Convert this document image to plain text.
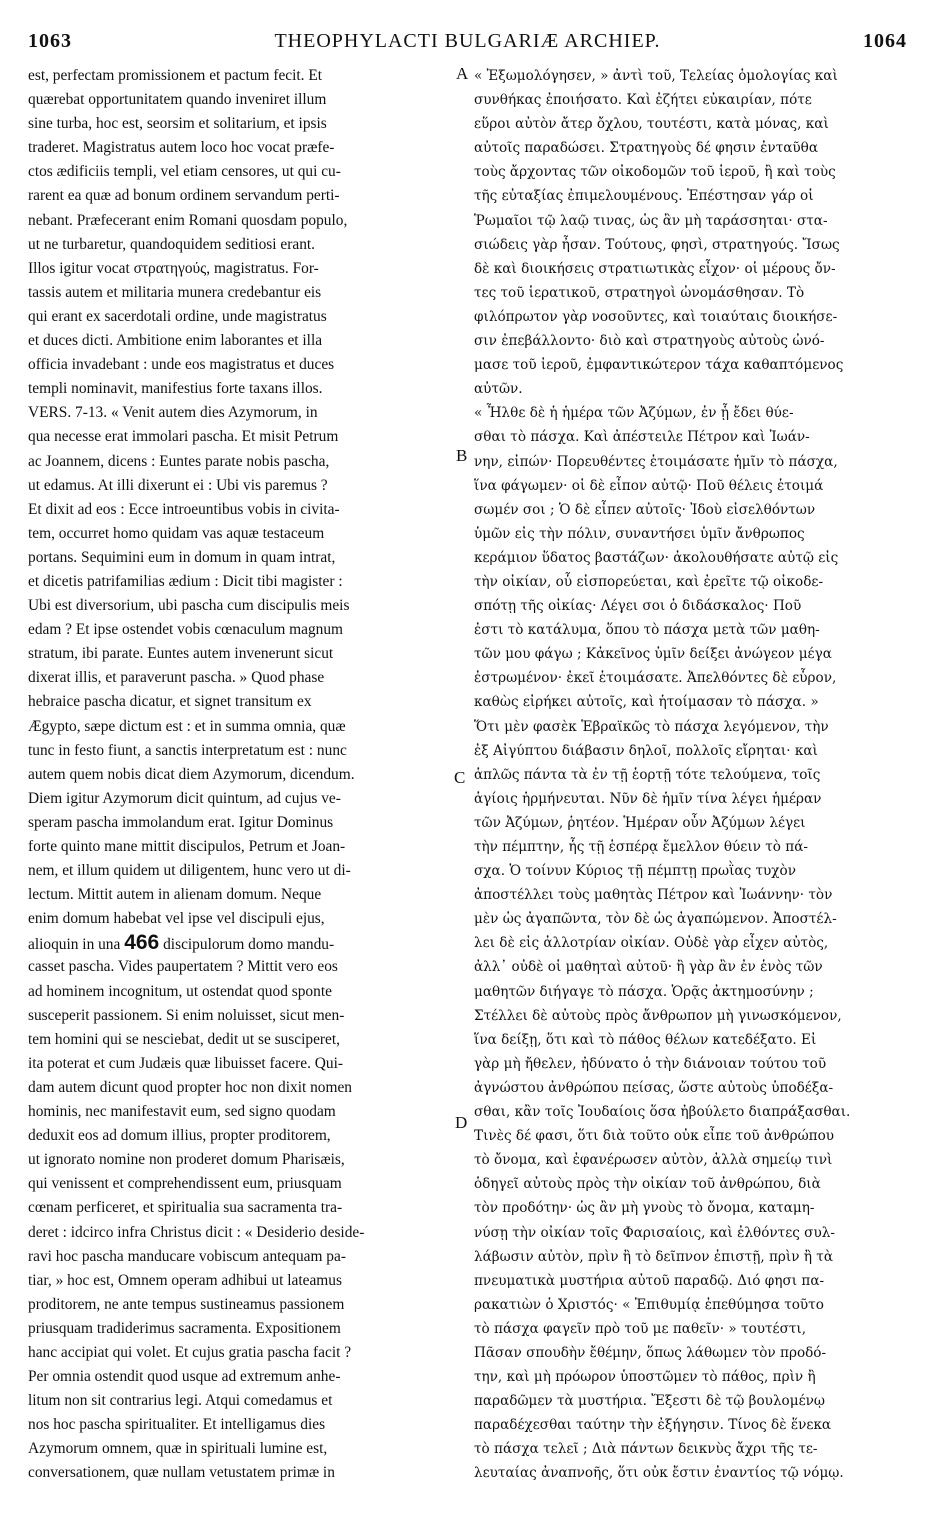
1063	THEOPHYLACTI BULGARIÆ ARCHIEP.	1064
est, perfectam promissionem et pactum fecit. Et
quærebat opportunitatem quando inveniret illum
sine turba, hoc est, seorsim et solitarium, et ipsis
traderet. Magistratus autem loco hoc vocat præfe-
ctos ædificiis templi, vel etiam censores, ut qui cu-
rarent ea quæ ad bonum ordinem servandum perti-
nebant. Præfecerant enim Romani quosdam populo,
ut ne turbaretur, quandoquidem seditiosi erant.
Illos igitur vocat στρατηγούς, magistratus. For-
tassis autem et militaria munera credebantur eis
qui erant ex sacerdotali ordine, unde magistratus
et duces dicti. Ambitione enim laborantes et illa
officia invadebant : unde eos magistratus et duces
templi nominavit, manifestius forte taxans illos.
VERS. 7-13. « Venit autem dies Azymorum, in
qua necesse erat immolari pascha. Et misit Petrum
ac Joannem, dicens : Euntes parate nobis pascha,
ut edamus. At illi dixerunt ei : Ubi vis paremus ?
Et dixit ad eos : Ecce introeuntibus vobis in civita-
tem, occurret homo quidam vas aquæ testaceum
portans. Sequimini eum in domum in quam intrat,
et dicetis patrifamilias ædium : Dicit tibi magister :
Ubi est diversorium, ubi pascha cum discipulis meis
edam ? Et ipse ostendet vobis cœnaculum magnum
stratum, ibi parate. Euntes autem invenerunt sicut
dixerat illis, et paraverunt pascha. » Quod phase
hebraice pascha dicatur, et signet transitum ex
Ægypto, sæpe dictum est : et in summa omnia, quæ
tunc in festo fiunt, a sanctis interpretatum est : nunc
autem quem nobis dicat diem Azymorum, dicendum.
Diem igitur Azymorum dicit quintum, ad cujus ve-
speram pascha immolandum erat. Igitur Dominus
forte quinto mane mittit discipulos, Petrum et Joan-
nem, et illum quidem ut diligentem, hunc vero ut di-
lectum. Mittit autem in alienam domum. Neque
enim domum habebat vel ipse vel discipuli ejus,
alioquin in una 466 discipulorum domo mandu-
casset pascha. Vides paupertatem ? Mittit vero eos
ad hominem incognitum, ut ostendat quod sponte
susceperit passionem. Si enim noluisset, sicut men-
tem homini qui se nesciebat, dedit ut se susciperet,
ita poterat et cum Judæis quæ libuisset facere. Qui-
dam autem dicunt quod propter hoc non dixit nomen
hominis, nec manifestavit eum, sed signo quodam
deduxit eos ad domum illius, propter proditorem,
ut ignorato nomine non proderet domum Pharisæis,
qui venissent et comprehendissent eum, priusquam
cœnam perficeret, et spiritualia sua sacramenta tra-
deret : idcirco infra Christus dicit : « Desiderio deside-
ravi hoc pascha manducare vobiscum antequam pa-
tiar, » hoc est, Omnem operam adhibui ut lateamus
proditorem, ne ante tempus sustineamus passionem
priusquam tradiderimus sacramenta. Expositionem
hanc accipiat qui volet. Et cujus gratia pascha facit ?
Per omnia ostendit quod usque ad extremum anhe-
litum non sit contrarius legi. Atqui comedamus et
nos hoc pascha spiritualiter. Et intelligamus dies
Azymorum omnem, quæ in spirituali lumine est,
conversationem, quæ nullam vetustatem primæ in
« Ἐξωμολόγησεν, » ἀντὶ τοῦ, Τελείας ὁμολογίας καὶ
συνθήκας ἐποιήσατο. Καὶ ἐζήτει εὐκαιρίαν, πότε
εὕροι αὐτὸν ἄτερ ὄχλου, τουτέστι, κατὰ μόνας, καὶ
αὐτοῖς παραδώσει. Στρατηγοὺς δέ φησιν ἐνταῦθα
τοὺς ἄρχοντας τῶν οἰκοδομῶν τοῦ ἱεροῦ, ἢ καὶ τοὺς
τῆς εὐταξίας ἐπιμελουμένους. Ἐπέστησαν γάρ οἱ
Ῥωμαῖοι τῷ λαῷ τινας, ὡς ἂν μὴ ταράσσηται· στα-
σιώδεις γὰρ ἦσαν. Τούτους, φησὶ, στρατηγούς. Ἴσως
δὲ καὶ διοικήσεις στρατιωτικὰς εἶχον· οἱ μέρους ὄν-
τες τοῦ ἱερατικοῦ, στρατηγοὶ ὠνομάσθησαν. Τὸ
φιλόπρωτον γὰρ νοσοῦντες, καὶ τοιαύταις διοικήσε-
σιν ἐπεβάλλοντο· διὸ καὶ στρατηγοὺς αὐτοὺς ὠνό-
μασε τοῦ ἱεροῦ, ἐμφαντικώτερον τάχα καθαπτόμενος
αὐτῶν.
« Ἦλθε δὲ ἡ ἡμέρα τῶν Ἀζύμων, ἐν ᾗ ἔδει θύε-
σθαι τὸ πάσχα. Καὶ ἀπέστειλε Πέτρον καὶ Ἰωάν-
νην, εἰπών· Πορευθέντες ἑτοιμάσατε ἡμῖν τὸ πάσχα,
ἵνα φάγωμεν· οἱ δὲ εἶπον αὐτῷ· Ποῦ θέλεις ἑτοιμά
σωμέν σοι ; Ὁ δὲ εἶπεν αὐτοῖς· Ἰδοὺ εἰσελθόντων
ὑμῶν εἰς τὴν πόλιν, συναντήσει ὑμῖν ἄνθρωπος
κεράμιον ὕδατος βαστάζων· ἀκολουθήσατε αὐτῷ εἰς
τὴν οἰκίαν, οὗ εἰσπορεύεται, καὶ ἐρεῖτε τῷ οἰκοδε-
σπότῃ τῆς οἰκίας· Λέγει σοι ὁ διδάσκαλος· Ποῦ
ἐστι τὸ κατάλυμα, ὅπου τὸ πάσχα μετὰ τῶν μαθη-
τῶν μου φάγω ; Κἀκεῖνος ὑμῖν δείξει ἀνώγεον μέγα
ἐστρωμένον· ἐκεῖ ἑτοιμάσατε. Ἀπελθόντες δὲ εὗρον,
καθὼς εἰρήκει αὐτοῖς, καὶ ἡτοίμασαν τὸ πάσχα. »
Ὅτι μὲν φασὲκ Ἑβραϊκῶς τὸ πάσχα λεγόμενον, τὴν
ἐξ Αἰγύπτου διάβασιν δηλοῖ, πολλοῖς εἴρηται· καὶ
ἁπλῶς πάντα τὰ ἐν τῇ ἑορτῇ τότε τελούμενα, τοῖς
ἁγίοις ἡρμήνευται. Νῦν δὲ ἡμῖν τίνα λέγει ἡμέραν
τῶν Ἀζύμων, ῥητέον. Ἡμέραν οὖν Ἀζύμων λέγει
τὴν πέμπτην, ἧς τῇ ἑσπέρᾳ ἔμελλον θύειν τὸ πά-
σχα. Ὁ τοίνυν Κύριος τῇ πέμπτῃ πρωῒας τυχὸν
ἀποστέλλει τοὺς μαθητὰς Πέτρον καὶ Ἰωάννην· τὸν
μὲν ὡς ἀγαπῶντα, τὸν δὲ ὡς ἀγαπώμενον. Ἀποστέλ-
λει δὲ εἰς ἀλλοτρίαν οἰκίαν. Οὐδὲ γὰρ εἶχεν αὐτὸς,
ἀλλ᾽ οὐδὲ οἱ μαθηταὶ αὐτοῦ· ἢ γὰρ ἂν ἐν ἑνὸς τῶν
μαθητῶν διήγαγε τὸ πάσχα. Ὁρᾷς ἀκτημοσύνην ;
Στέλλει δὲ αὐτοὺς πρὸς ἄνθρωπον μὴ γινωσκόμενον,
ἵνα δείξῃ, ὅτι καὶ τὸ πάθος θέλων κατεδέξατο. Εἰ
γὰρ μὴ ἤθελεν, ἠδύνατο ὁ τὴν διάνοιαν τούτου τοῦ
ἀγνώστου ἀνθρώπου πείσας, ὥστε αὐτοὺς ὑποδέξα-
σθαι, κἂν τοῖς Ἰουδαίοις ὅσα ἠβούλετο διαπράξασθαι.
Τινὲς δέ φασι, ὅτι διὰ τοῦτο οὐκ εἶπε τοῦ ἀνθρώπου
τὸ ὄνομα, καὶ ἐφανέρωσεν αὐτὸν, ἀλλὰ σημείῳ τινὶ
ὁδηγεῖ αὐτοὺς πρὸς τὴν οἰκίαν τοῦ ἀνθρώπου, διὰ
τὸν προδότην· ὡς ἂν μὴ γνοὺς τὸ ὄνομα, καταμη-
νύσῃ τὴν οἰκίαν τοῖς Φαρισαίοις, καὶ ἐλθόντες συλ-
λάβωσιν αὐτὸν, πρὶν ἢ τὸ δεῖπνον ἐπιστῇ, πρὶν ἢ τὰ
πνευματικὰ μυστήρια αὐτοῦ παραδῷ. Διό φησι πα-
ρακατιὼν ὁ Χριστός· « Ἐπιθυμίᾳ ἐπεθύμησα τοῦτο
τὸ πάσχα φαγεῖν πρὸ τοῦ με παθεῖν· » τουτέστι,
Πᾶσαν σπουδὴν ἔθέμην, ὅπως λάθωμεν τὸν προδό-
την, καὶ μὴ πρόωρον ὑποστῶμεν τὸ πάθος, πρὶν ἢ
παραδῶμεν τὰ μυστήρια. Ἔξεστι δὲ τῷ βουλομένῳ
παραδέχεσθαι ταύτην τὴν ἐξήγησιν. Τίνος δὲ ἕνεκα
τὸ πάσχα τελεῖ ; Διὰ πάντων δεικνὺς ἄχρι τῆς τε-
λευταίας ἀναπνοῆς, ὅτι οὐκ ἔστιν ἐναντίος τῷ νόμῳ.
A
B
C
D
